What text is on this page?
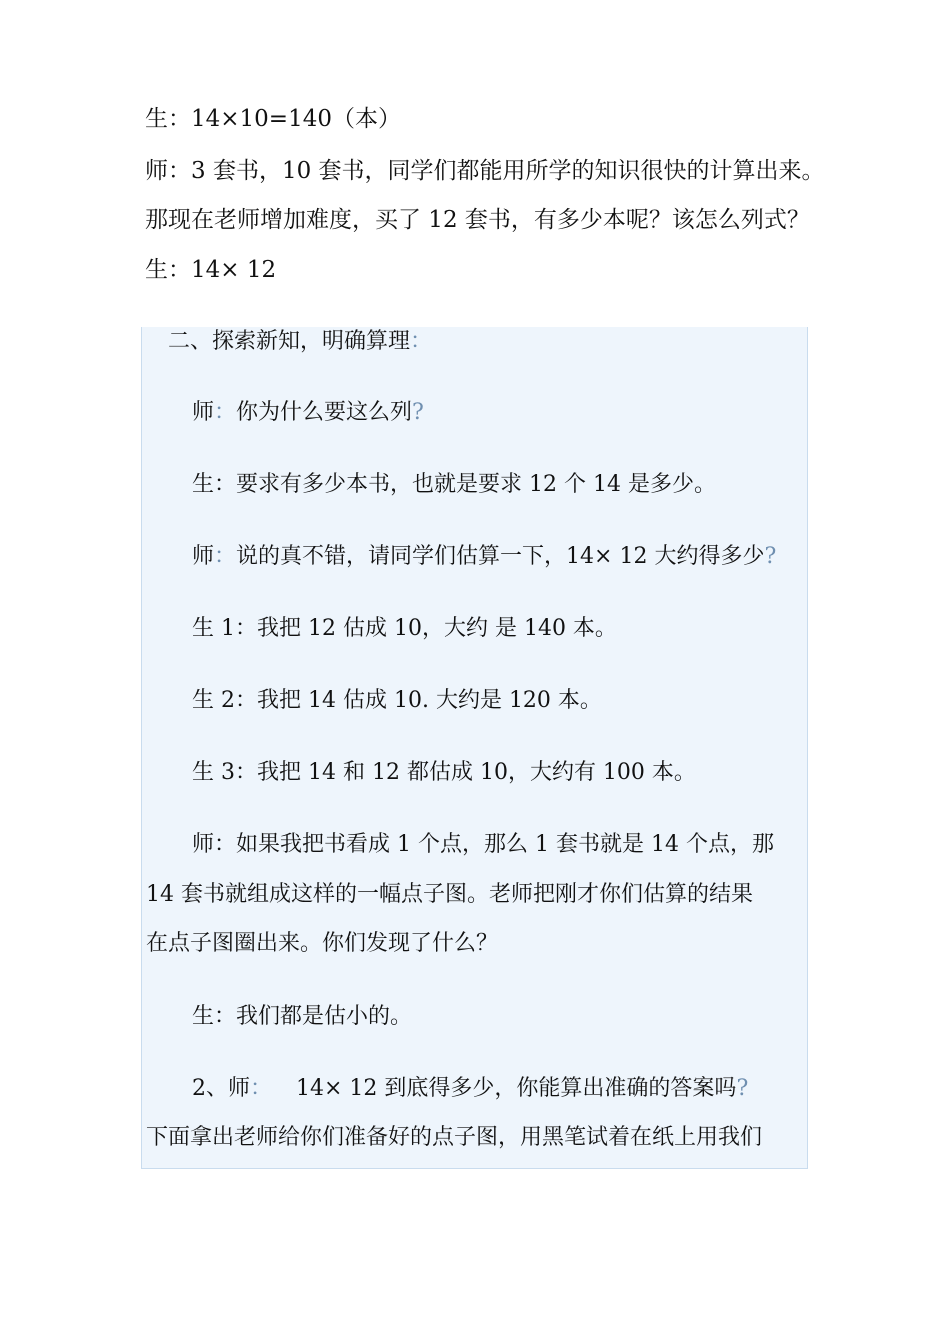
生：14×10=140（本）
师：3 套书，10 套书，同学们都能用所学的知识很快的计算出来。
那现在老师增加难度，买了 12 套书，有多少本呢？该怎么列式？
生：14× 12
二、探索新知，明确算理：
师：你为什么要这么列?
生：要求有多少本书，也就是要求 12 个 14 是多少。
师：说的真不错，请同学们估算一下，14× 12 大约得多少?
生 1：我把 12 估成 10，大约 是 140 本。
生 2：我把 14 估成 10. 大约是 120 本。
生 3：我把 14 和 12 都估成 10，大约有 100 本。
师：如果我把书看成 1 个点，那么 1 套书就是 14 个点，那
14 套书就组成这样的一幅点子图。老师把刚才你们估算的结果
在点子图圈出来。你们发现了什么？
生：我们都是估小的。
2、师： 14× 12 到底得多少，你能算出准确的答案吗?
下面拿出老师给你们准备好的点子图，用黑笔试着在纸上用我们
